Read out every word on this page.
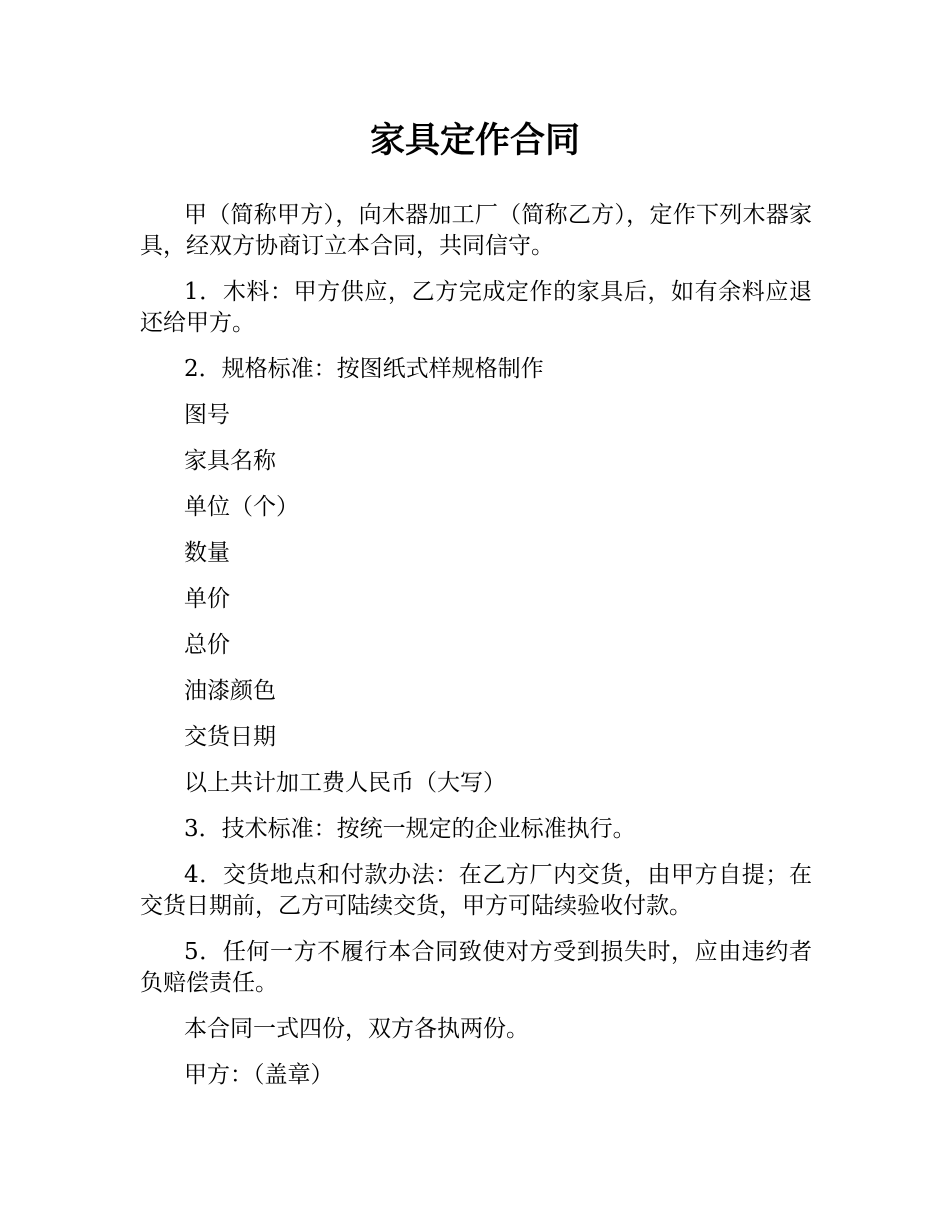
家具定作合同

甲（简称甲方），向木器加工厂（简称乙方），定作下列木器家具，经双方协商订立本合同，共同信守。

1．木料：甲方供应，乙方完成定作的家具后，如有余料应退还给甲方。

2．规格标准：按图纸式样规格制作

图号

家具名称

单位（个）

数量

单价

总价

油漆颜色

交货日期

以上共计加工费人民币（大写）

3．技术标准：按统一规定的企业标准执行。

4．交货地点和付款办法：在乙方厂内交货，由甲方自提；在交货日期前，乙方可陆续交货，甲方可陆续验收付款。

5．任何一方不履行本合同致使对方受到损失时，应由违约者负赔偿责任。

本合同一式四份，双方各执两份。

甲方：（盖章）
